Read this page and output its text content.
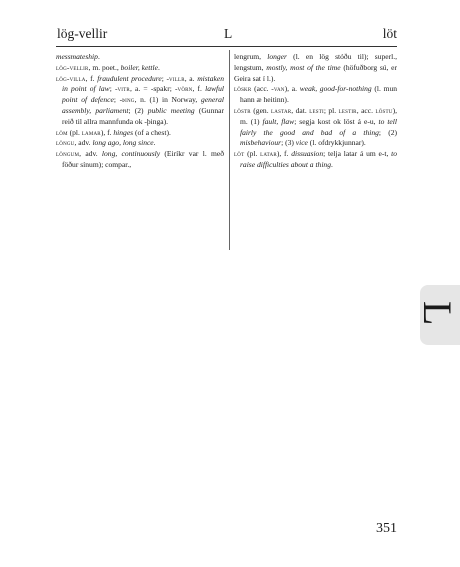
lög-vellir	L	löt

messmateship.

lög-vellir, m. poet., boiler, kettle.

lög-villa, f. fraudulent procedure; -villr, a. mistaken in point of law; -vitr, a. = -spakr; -vörn, f. lawful point of defence; -þing, n. (1) in Norway, general assembly, parliament; (2) public meeting (Gunnar reið til allra mannfunda ok -þinga).

löm (pl. lamar), f. hinges (of a chest).

löngu, adv. long ago, long since.

löngum, adv. long, continuously (Eiríkr var l. með föður sínum); compar.,

lengrum, longer (l. en lög stóðu til); superl., lengstum, mostly, most of the time (höfuðborg sú, er Geira sat í l.).

löskr (acc. -van), a. weak, good-for-nothing (l. mun hann æ heitinn).

löstr (gen. lastar, dat. lesti; pl. lestir, acc. löstu), m. (1) fault, flaw; segja kost ok löst á e-u, to tell fairly the good and bad of a thing; (2) misbehaviour; (3) vice (l. ofdrykkjunnar).

löt (pl. latar), f. dissuasion; telja latar á um e-t, to raise difficulties about a thing.

L
351
